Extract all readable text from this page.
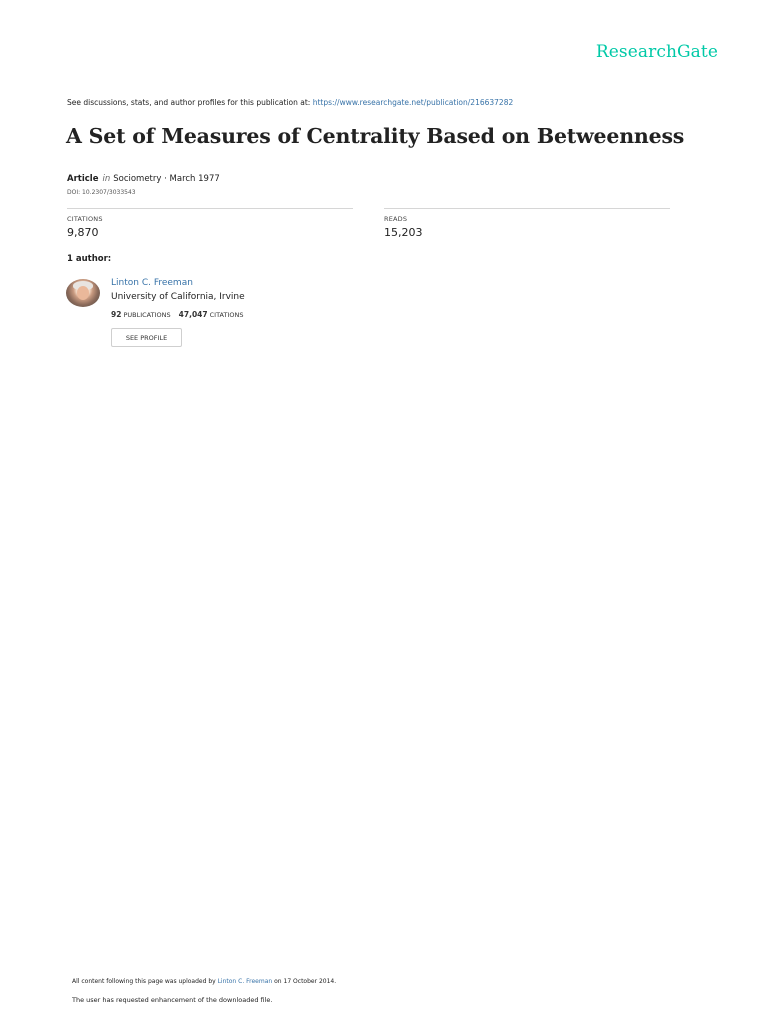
ResearchGate
See discussions, stats, and author profiles for this publication at: https://www.researchgate.net/publication/216637282
A Set of Measures of Centrality Based on Betweenness
Article in Sociometry · March 1977
DOI: 10.2307/3033543
CITATIONS
9,870
READS
15,203
1 author:
Linton C. Freeman
University of California, Irvine
92 PUBLICATIONS 47,047 CITATIONS
SEE PROFILE
All content following this page was uploaded by Linton C. Freeman on 17 October 2014.
The user has requested enhancement of the downloaded file.
